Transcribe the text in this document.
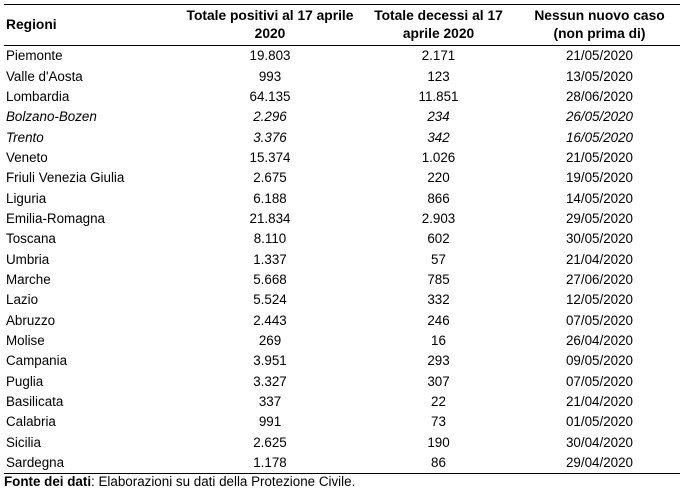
Regioni	Totale positivi al 17 aprile 2020	Totale decessi al 17 aprile 2020	Nessun nuovo caso (non prima di)
Piemonte	19.803	2.171	21/05/2020
Valle d'Aosta	993	123	13/05/2020
Lombardia	64.135	11.851	28/06/2020
Bolzano-Bozen	2.296	234	26/05/2020
Trento	3.376	342	16/05/2020
Veneto	15.374	1.026	21/05/2020
Friuli Venezia Giulia	2.675	220	19/05/2020
Liguria	6.188	866	14/05/2020
Emilia-Romagna	21.834	2.903	29/05/2020
Toscana	8.110	602	30/05/2020
Umbria	1.337	57	21/04/2020
Marche	5.668	785	27/06/2020
Lazio	5.524	332	12/05/2020
Abruzzo	2.443	246	07/05/2020
Molise	269	16	26/04/2020
Campania	3.951	293	09/05/2020
Puglia	3.327	307	07/05/2020
Basilicata	337	22	21/04/2020
Calabria	991	73	01/05/2020
Sicilia	2.625	190	30/04/2020
Sardegna	1.178	86	29/04/2020
Fonte dei dati: Elaborazioni su dati della Protezione Civile.
